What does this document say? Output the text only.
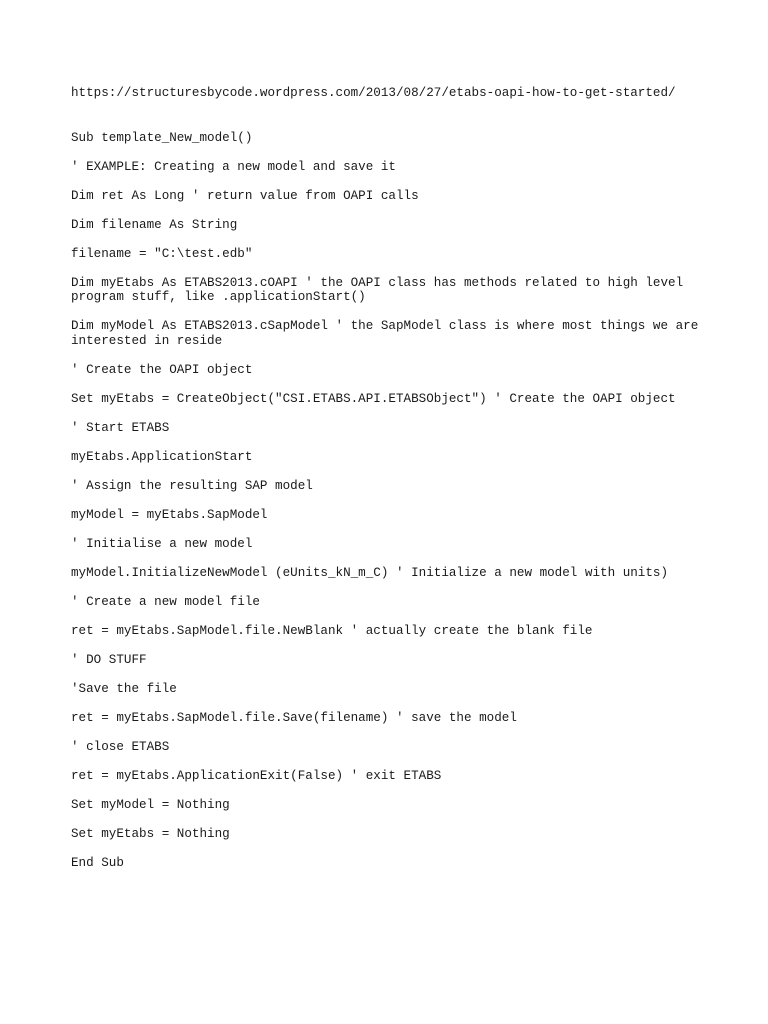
https://structuresbycode.wordpress.com/2013/08/27/etabs-oapi-how-to-get-started/
Sub template_New_model()
' EXAMPLE: Creating a new model and save it
Dim ret As Long ' return value from OAPI calls
Dim filename As String
filename = "C:\test.edb"
Dim myEtabs As ETABS2013.cOAPI ' the OAPI class has methods related to high level program stuff, like .applicationStart()
Dim myModel As ETABS2013.cSapModel ' the SapModel class is where most things we are interested in reside
' Create the OAPI object
Set myEtabs = CreateObject("CSI.ETABS.API.ETABSObject") ' Create the OAPI object
' Start ETABS
myEtabs.ApplicationStart
' Assign the resulting SAP model
myModel = myEtabs.SapModel
' Initialise a new model
myModel.InitializeNewModel (eUnits_kN_m_C) ' Initialize a new model with units)
' Create a new model file
ret = myEtabs.SapModel.file.NewBlank ' actually create the blank file
' DO STUFF
'Save the file
ret = myEtabs.SapModel.file.Save(filename) ' save the model
' close ETABS
ret = myEtabs.ApplicationExit(False) ' exit ETABS
Set myModel = Nothing
Set myEtabs = Nothing
End Sub
